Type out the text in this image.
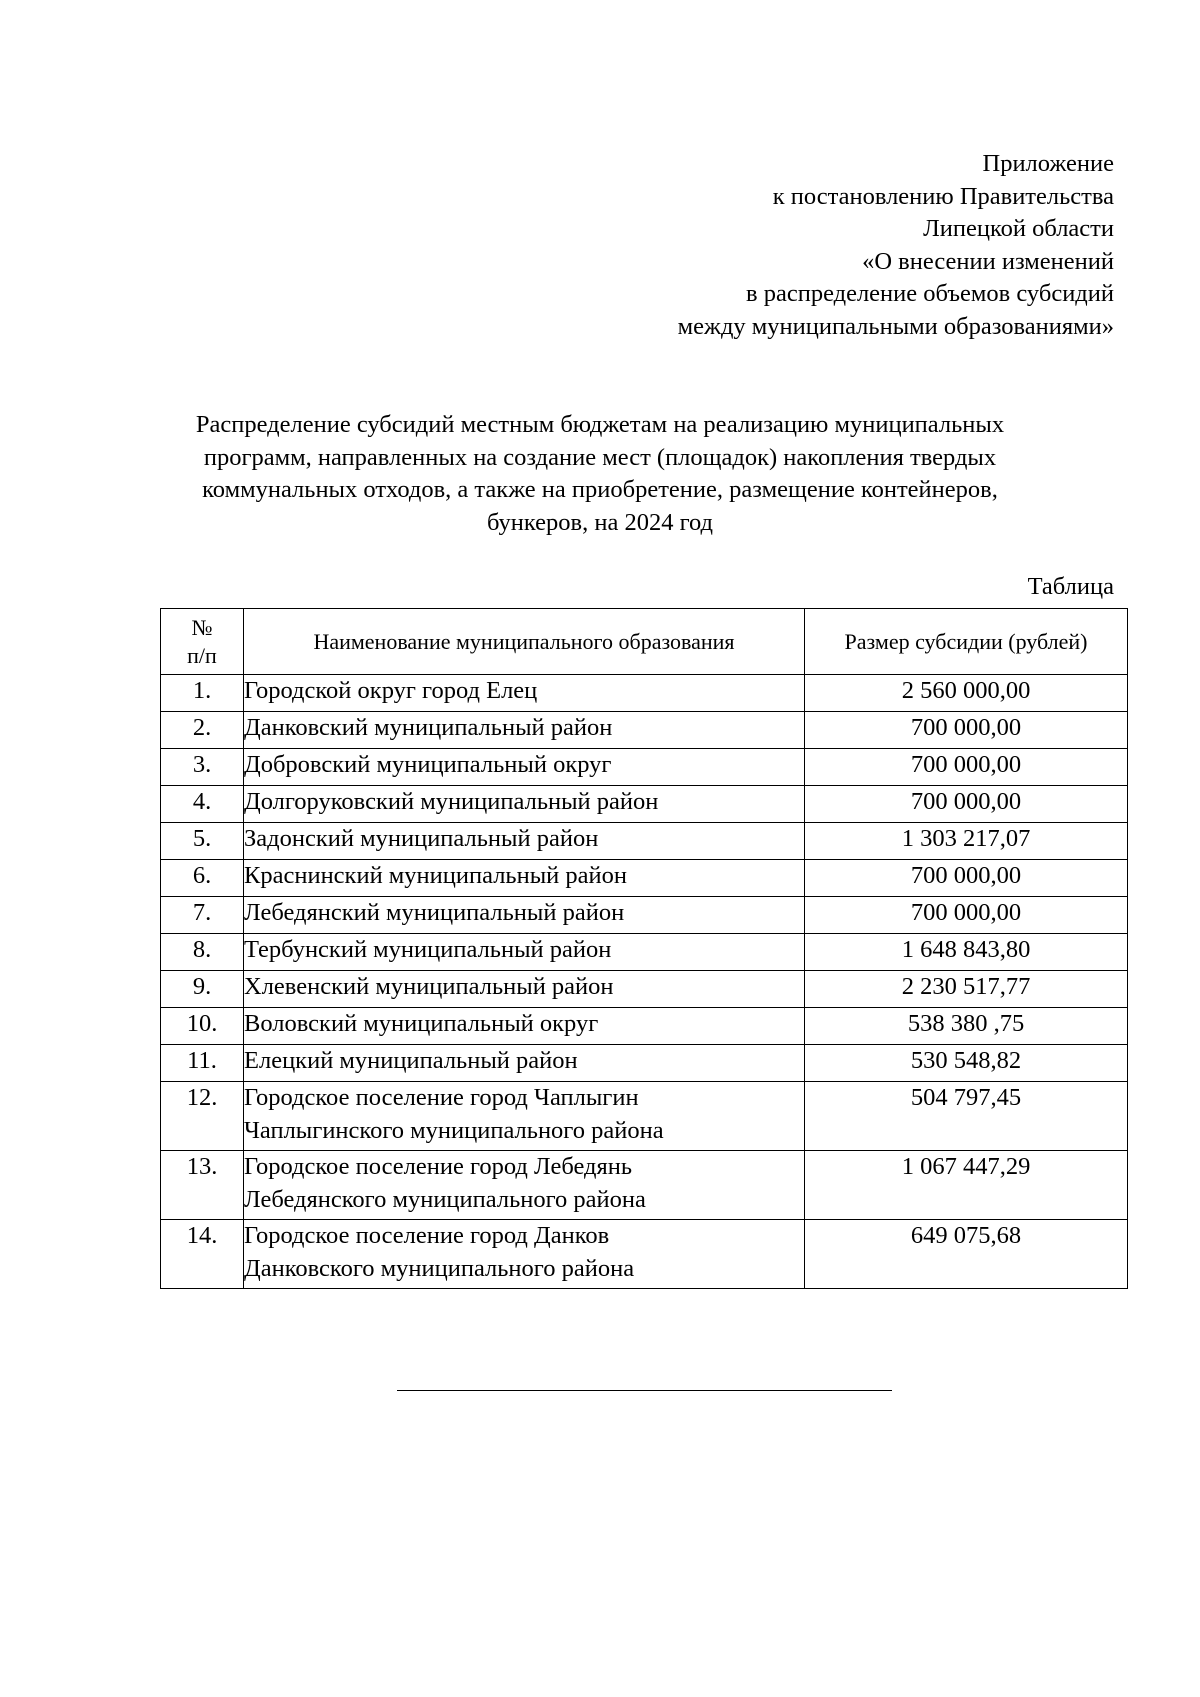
Приложение
к постановлению Правительства
Липецкой области
«О внесении изменений
в распределение объемов субсидий
между муниципальными образованиями»
Распределение субсидий местным бюджетам на реализацию муниципальных
программ, направленных на создание мест (площадок) накопления твердых
коммунальных отходов, а также на приобретение, размещение контейнеров,
бункеров, на 2024 год
Таблица
№
п/п	Наименование муниципального образования	Размер субсидии (рублей)
1.	Городской округ город Елец	2 560 000,00
2.	Данковский муниципальный район	700 000,00
3.	Добровский муниципальный округ	700 000,00
4.	Долгоруковский муниципальный район	700 000,00
5.	Задонский муниципальный район	1 303 217,07
6.	Краснинский муниципальный район	700 000,00
7.	Лебедянский муниципальный район	700 000,00
8.	Тербунский муниципальный район	1 648 843,80
9.	Хлевенский муниципальный район	2 230 517,77
10.	Воловский муниципальный округ	538 380 ,75
11.	Елецкий муниципальный район	530 548,82
12.	Городское поселение город Чаплыгин
Чаплыгинского муниципального района	504 797,45
13.	Городское поселение город Лебедянь
Лебедянского муниципального района	1 067 447,29
14.	Городское поселение город Данков
Данковского муниципального района	649 075,68
